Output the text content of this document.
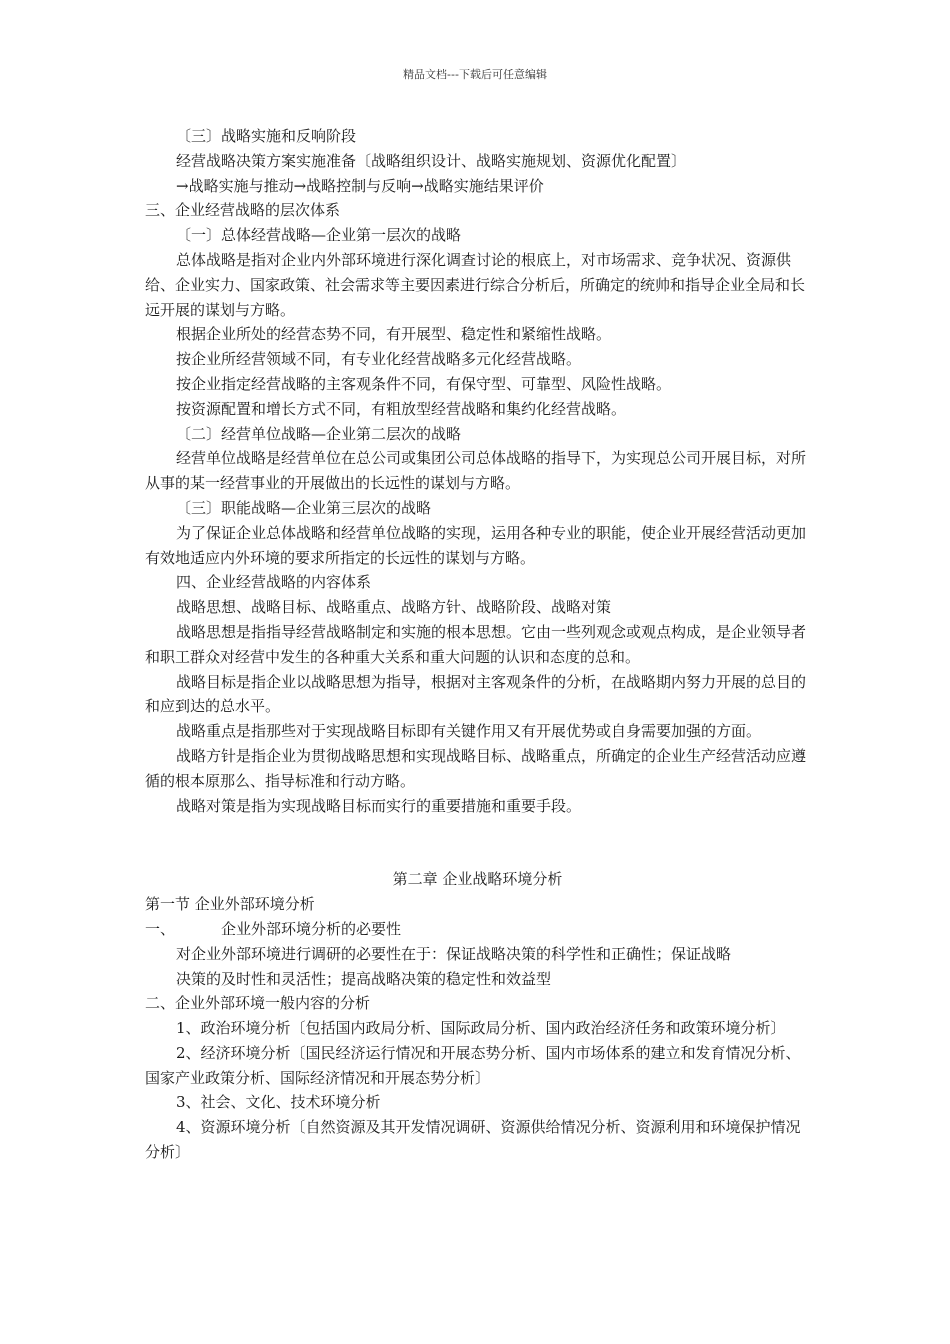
精品文档---下载后可任意编辑
〔三〕战略实施和反响阶段
经营战略决策方案实施准备〔战略组织设计、战略实施规划、资源优化配置〕
→战略实施与推动→战略控制与反响→战略实施结果评价
三、企业经营战略的层次体系
〔一〕总体经营战略—企业第一层次的战略

总体战略是指对企业内外部环境进行深化调查讨论的根底上，对市场需求、竞争状况、资源供给、企业实力、国家政策、社会需求等主要因素进行综合分析后，所确定的统帅和指导企业全局和长远开展的谋划与方略。

根据企业所处的经营态势不同，有开展型、稳定性和紧缩性战略。
按企业所经营领域不同，有专业化经营战略多元化经营战略。
按企业指定经营战略的主客观条件不同，有保守型、可靠型、风险性战略。
按资源配置和增长方式不同，有粗放型经营战略和集约化经营战略。
〔二〕经营单位战略—企业第二层次的战略

经营单位战略是经营单位在总公司或集团公司总体战略的指导下，为实现总公司开展目标，对所从事的某一经营事业的开展做出的长远性的谋划与方略。

〔三〕职能战略—企业第三层次的战略

为了保证企业总体战略和经营单位战略的实现，运用各种专业的职能，使企业开展经营活动更加有效地适应内外环境的要求所指定的长远性的谋划与方略。

四、企业经营战略的内容体系
战略思想、战略目标、战略重点、战略方针、战略阶段、战略对策

战略思想是指指导经营战略制定和实施的根本思想。它由一些列观念或观点构成，是企业领导者和职工群众对经营中发生的各种重大关系和重大问题的认识和态度的总和。

战略目标是指企业以战略思想为指导，根据对主客观条件的分析，在战略期内努力开展的总目的和应到达的总水平。

战略重点是指那些对于实现战略目标即有关键作用又有开展优势或自身需要加强的方面。

战略方针是指企业为贯彻战略思想和实现战略目标、战略重点，所确定的企业生产经营活动应遵循的根本原那么、指导标准和行动方略。

战略对策是指为实现战略目标而实行的重要措施和重要手段。

第二章 企业战略环境分析
第一节 企业外部环境分析
一、	企业外部环境分析的必要性
对企业外部环境进行调研的必要性在于：保证战略决策的科学性和正确性；保证战略
决策的及时性和灵活性；提高战略决策的稳定性和效益型
二、企业外部环境一般内容的分析

1、政治环境分析〔包括国内政局分析、国际政局分析、国内政治经济任务和政策环境分析〕

2、经济环境分析〔国民经济运行情况和开展态势分析、国内市场体系的建立和发育情况分析、国家产业政策分析、国际经济情况和开展态势分析〕

3、社会、文化、技术环境分析

4、资源环境分析〔自然资源及其开发情况调研、资源供给情况分析、资源利用和环境保护情况分析〕
